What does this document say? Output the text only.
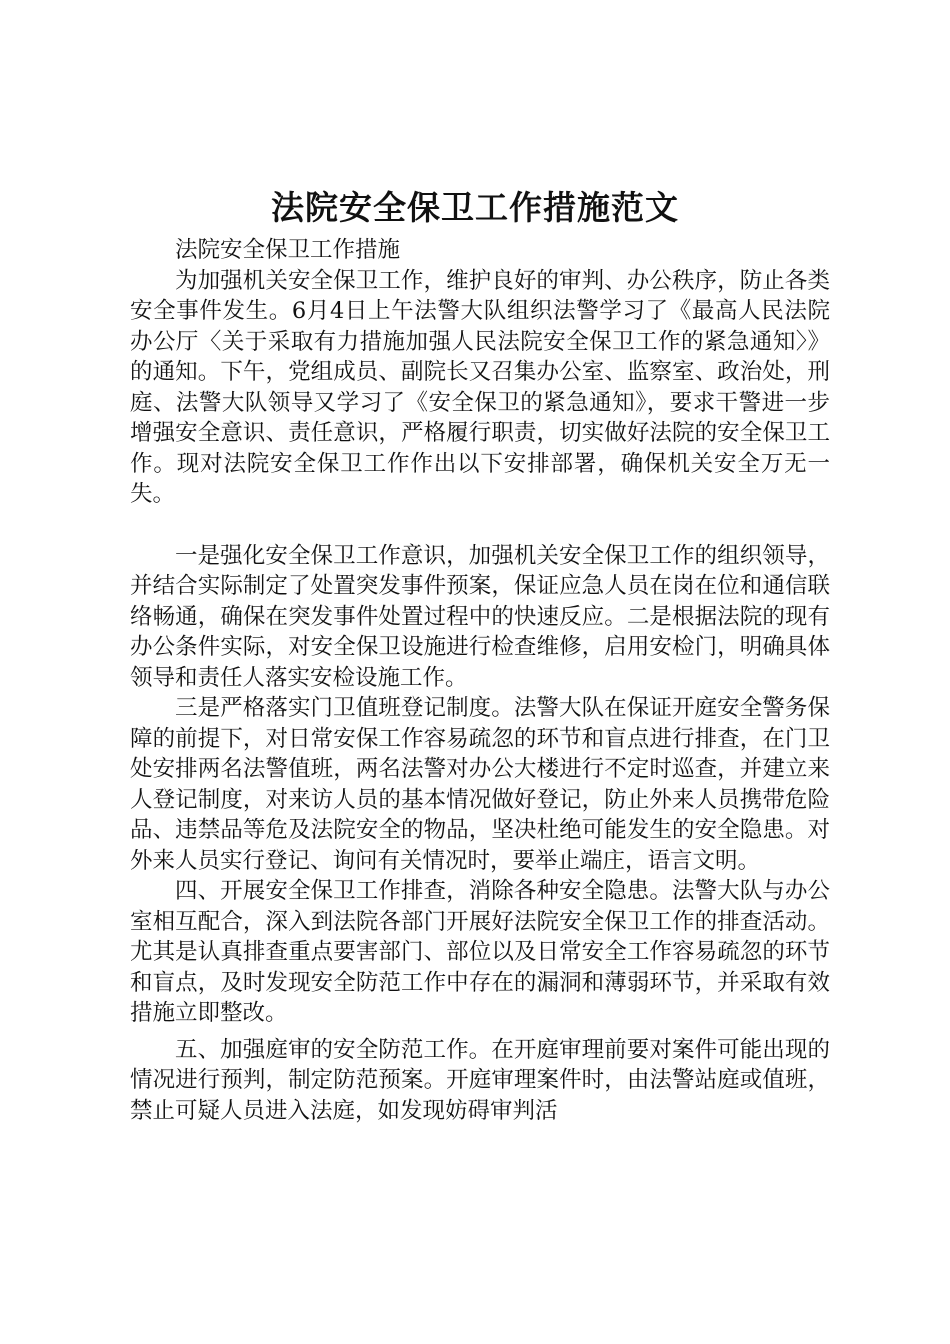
法院安全保卫工作措施范文

法院安全保卫工作措施

为加强机关安全保卫工作，维护良好的审判、办公秩序，防止各类安全事件发生。6月4日上午法警大队组织法警学习了《最高人民法院办公厅〈关于采取有力措施加强人民法院安全保卫工作的紧急通知〉》的通知。下午，党组成员、副院长又召集办公室、监察室、政治处，刑庭、法警大队领导又学习了《安全保卫的紧急通知》，要求干警进一步增强安全意识、责任意识，严格履行职责，切实做好法院的安全保卫工作。现对法院安全保卫工作作出以下安排部署，确保机关安全万无一失。

一是强化安全保卫工作意识，加强机关安全保卫工作的组织领导，并结合实际制定了处置突发事件预案，保证应急人员在岗在位和通信联络畅通，确保在突发事件处置过程中的快速反应。二是根据法院的现有办公条件实际，对安全保卫设施进行检查维修，启用安检门，明确具体领导和责任人落实安检设施工作。

三是严格落实门卫值班登记制度。法警大队在保证开庭安全警务保障的前提下，对日常安保工作容易疏忽的环节和盲点进行排查，在门卫处安排两名法警值班，两名法警对办公大楼进行不定时巡查，并建立来人登记制度，对来访人员的基本情况做好登记，防止外来人员携带危险品、违禁品等危及法院安全的物品，坚决杜绝可能发生的安全隐患。对外来人员实行登记、询问有关情况时，要举止端庄，语言文明。

四、开展安全保卫工作排查，消除各种安全隐患。法警大队与办公室相互配合，深入到法院各部门开展好法院安全保卫工作的排查活动。尤其是认真排查重点要害部门、部位以及日常安全工作容易疏忽的环节和盲点，及时发现安全防范工作中存在的漏洞和薄弱环节，并采取有效措施立即整改。

五、加强庭审的安全防范工作。在开庭审理前要对案件可能出现的情况进行预判，制定防范预案。开庭审理案件时，由法警站庭或值班，禁止可疑人员进入法庭，如发现妨碍审判活
